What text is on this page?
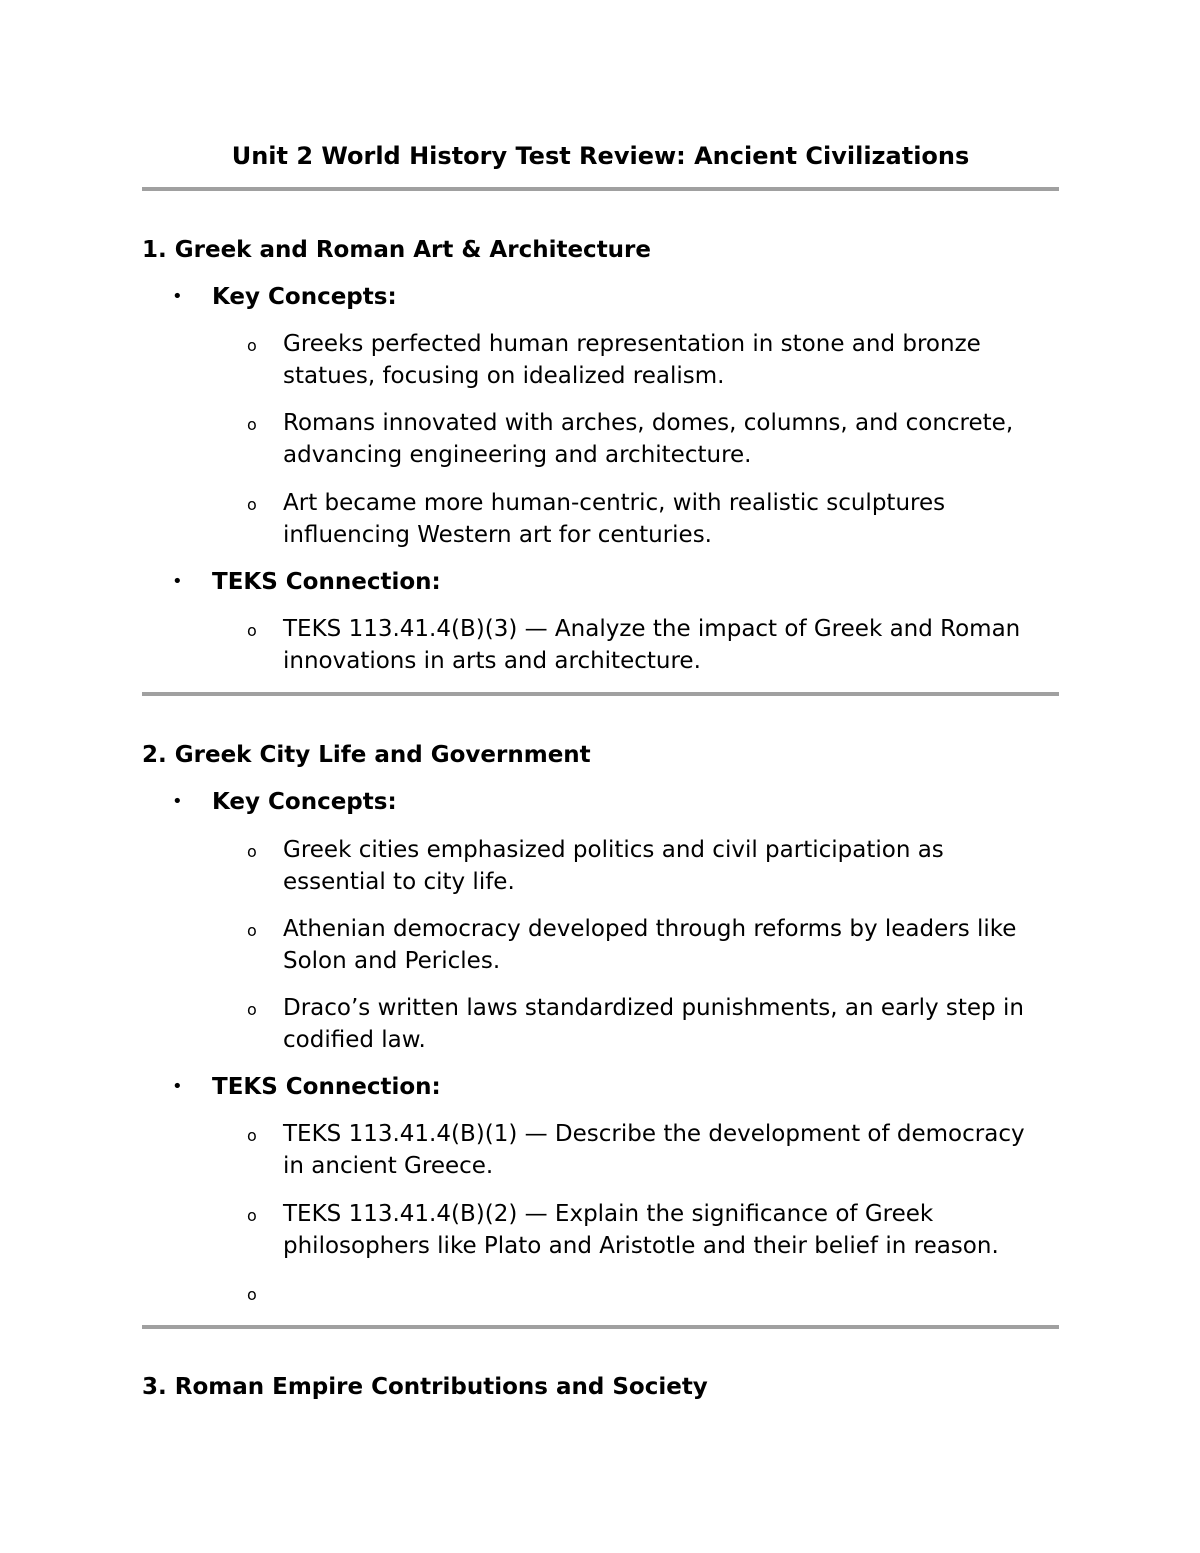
Unit 2 World History Test Review: Ancient Civilizations
1. Greek and Roman Art & Architecture
• Key Concepts:
o Greeks perfected human representation in stone and bronze
statues, focusing on idealized realism.
o Romans innovated with arches, domes, columns, and concrete,
advancing engineering and architecture.
o Art became more human-centric, with realistic sculptures
influencing Western art for centuries.
• TEKS Connection:
o TEKS 113.41.4(B)(3) — Analyze the impact of Greek and Roman
innovations in arts and architecture.
2. Greek City Life and Government
• Key Concepts:
o Greek cities emphasized politics and civil participation as
essential to city life.
o Athenian democracy developed through reforms by leaders like
Solon and Pericles.
o Draco’s written laws standardized punishments, an early step in
codified law.
• TEKS Connection:
o TEKS 113.41.4(B)(1) — Describe the development of democracy
in ancient Greece.
o TEKS 113.41.4(B)(2) — Explain the significance of Greek
philosophers like Plato and Aristotle and their belief in reason.
o
3. Roman Empire Contributions and Society
